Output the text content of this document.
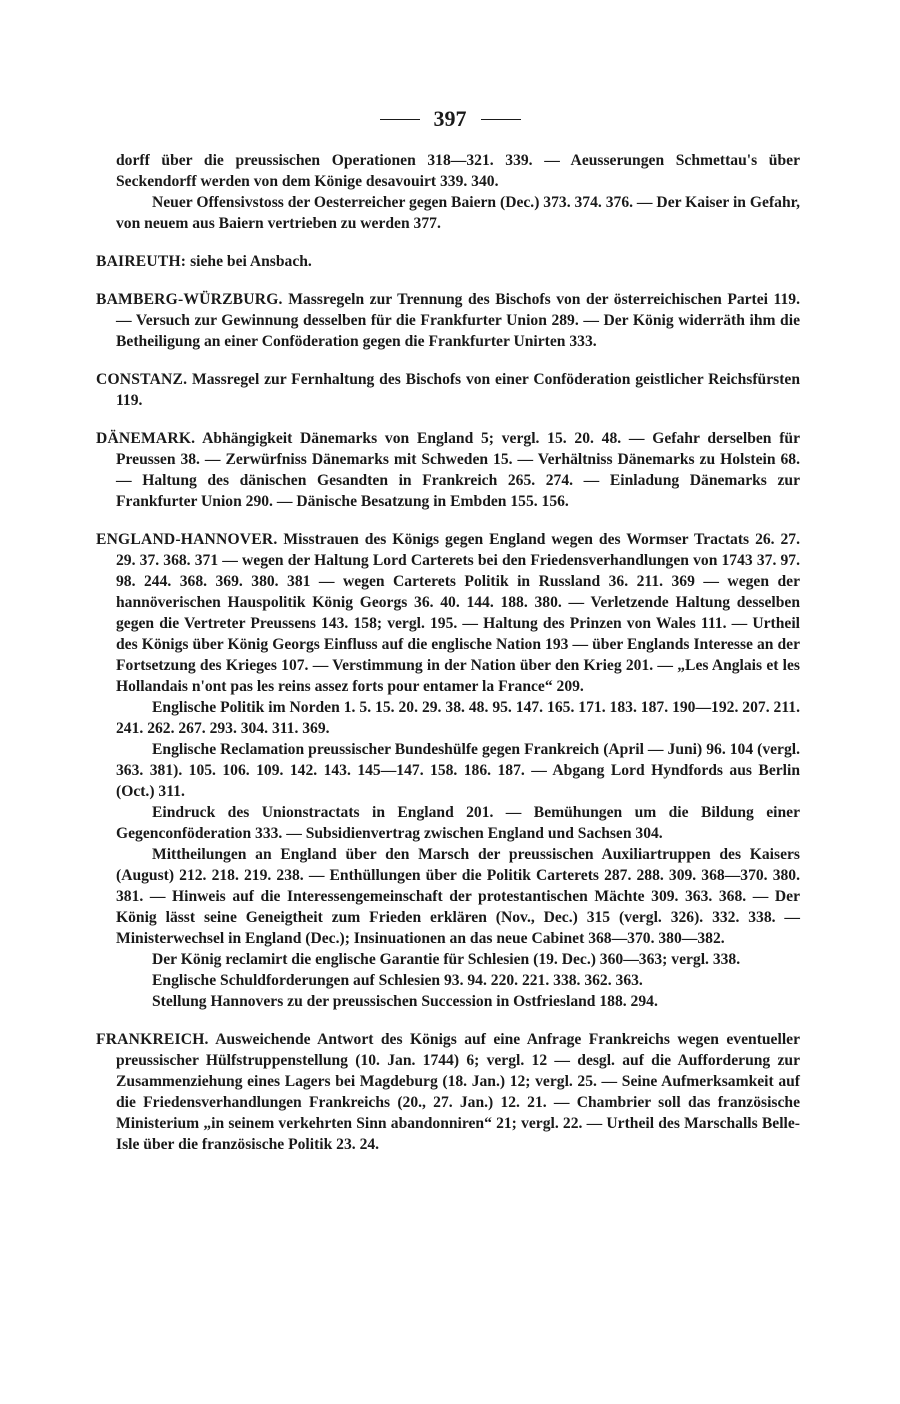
397

dorff über die preussischen Operationen 318—321. 339. — Aeusserungen Schmettau's über Seckendorff werden von dem Könige desavouirt 339. 340.

Neuer Offensivstoss der Oesterreicher gegen Baiern (Dec.) 373. 374. 376. — Der Kaiser in Gefahr, von neuem aus Baiern vertrieben zu werden 377.

BAIREUTH: siehe bei Ansbach.

BAMBERG-WÜRZBURG. Massregeln zur Trennung des Bischofs von der österreichischen Partei 119. — Versuch zur Gewinnung desselben für die Frankfurter Union 289. — Der König widerräth ihm die Betheiligung an einer Conföderation gegen die Frankfurter Unirten 333.

CONSTANZ. Massregel zur Fernhaltung des Bischofs von einer Conföderation geistlicher Reichsfürsten 119.

DÄNEMARK. Abhängigkeit Dänemarks von England 5; vergl. 15. 20. 48. — Gefahr derselben für Preussen 38. — Zerwürfniss Dänemarks mit Schweden 15. — Verhältniss Dänemarks zu Holstein 68. — Haltung des dänischen Gesandten in Frankreich 265. 274. — Einladung Dänemarks zur Frankfurter Union 290. — Dänische Besatzung in Embden 155. 156.

ENGLAND-HANNOVER. Misstrauen des Königs gegen England wegen des Wormser Tractats 26. 27. 29. 37. 368. 371 — wegen der Haltung Lord Carterets bei den Friedensverhandlungen von 1743 37. 97. 98. 244. 368. 369. 380. 381 — wegen Carterets Politik in Russland 36. 211. 369 — wegen der hannöverischen Hauspolitik König Georgs 36. 40. 144. 188. 380. — Verletzende Haltung desselben gegen die Vertreter Preussens 143. 158; vergl. 195. — Haltung des Prinzen von Wales 111. — Urtheil des Königs über König Georgs Einfluss auf die englische Nation 193 — über Englands Interesse an der Fortsetzung des Krieges 107. — Verstimmung in der Nation über den Krieg 201. — „Les Anglais et les Hollandais n'ont pas les reins assez forts pour entamer la France“ 209.

Englische Politik im Norden 1. 5. 15. 20. 29. 38. 48. 95. 147. 165. 171. 183. 187. 190—192. 207. 211. 241. 262. 267. 293. 304. 311. 369.

Englische Reclamation preussischer Bundeshülfe gegen Frankreich (April — Juni) 96. 104 (vergl. 363. 381). 105. 106. 109. 142. 143. 145—147. 158. 186. 187. — Abgang Lord Hyndfords aus Berlin (Oct.) 311.

Eindruck des Unionstractats in England 201. — Bemühungen um die Bildung einer Gegenconföderation 333. — Subsidienvertrag zwischen England und Sachsen 304.

Mittheilungen an England über den Marsch der preussischen Auxiliartruppen des Kaisers (August) 212. 218. 219. 238. — Enthüllungen über die Politik Carterets 287. 288. 309. 368—370. 380. 381. — Hinweis auf die Interessengemeinschaft der protestantischen Mächte 309. 363. 368. — Der König lässt seine Geneigtheit zum Frieden erklären (Nov., Dec.) 315 (vergl. 326). 332. 338. — Ministerwechsel in England (Dec.); Insinuationen an das neue Cabinet 368—370. 380—382.

Der König reclamirt die englische Garantie für Schlesien (19. Dec.) 360—363; vergl. 338.

Englische Schuldforderungen auf Schlesien 93. 94. 220. 221. 338. 362. 363.

Stellung Hannovers zu der preussischen Succession in Ostfriesland 188. 294.

FRANKREICH. Ausweichende Antwort des Königs auf eine Anfrage Frankreichs wegen eventueller preussischer Hülfstruppenstellung (10. Jan. 1744) 6; vergl. 12 — desgl. auf die Aufforderung zur Zusammenziehung eines Lagers bei Magdeburg (18. Jan.) 12; vergl. 25. — Seine Aufmerksamkeit auf die Friedensverhandlungen Frankreichs (20., 27. Jan.) 12. 21. — Chambrier soll das französische Ministerium „in seinem verkehrten Sinn abandonniren“ 21; vergl. 22. — Urtheil des Marschalls Belle-Isle über die französische Politik 23. 24.
